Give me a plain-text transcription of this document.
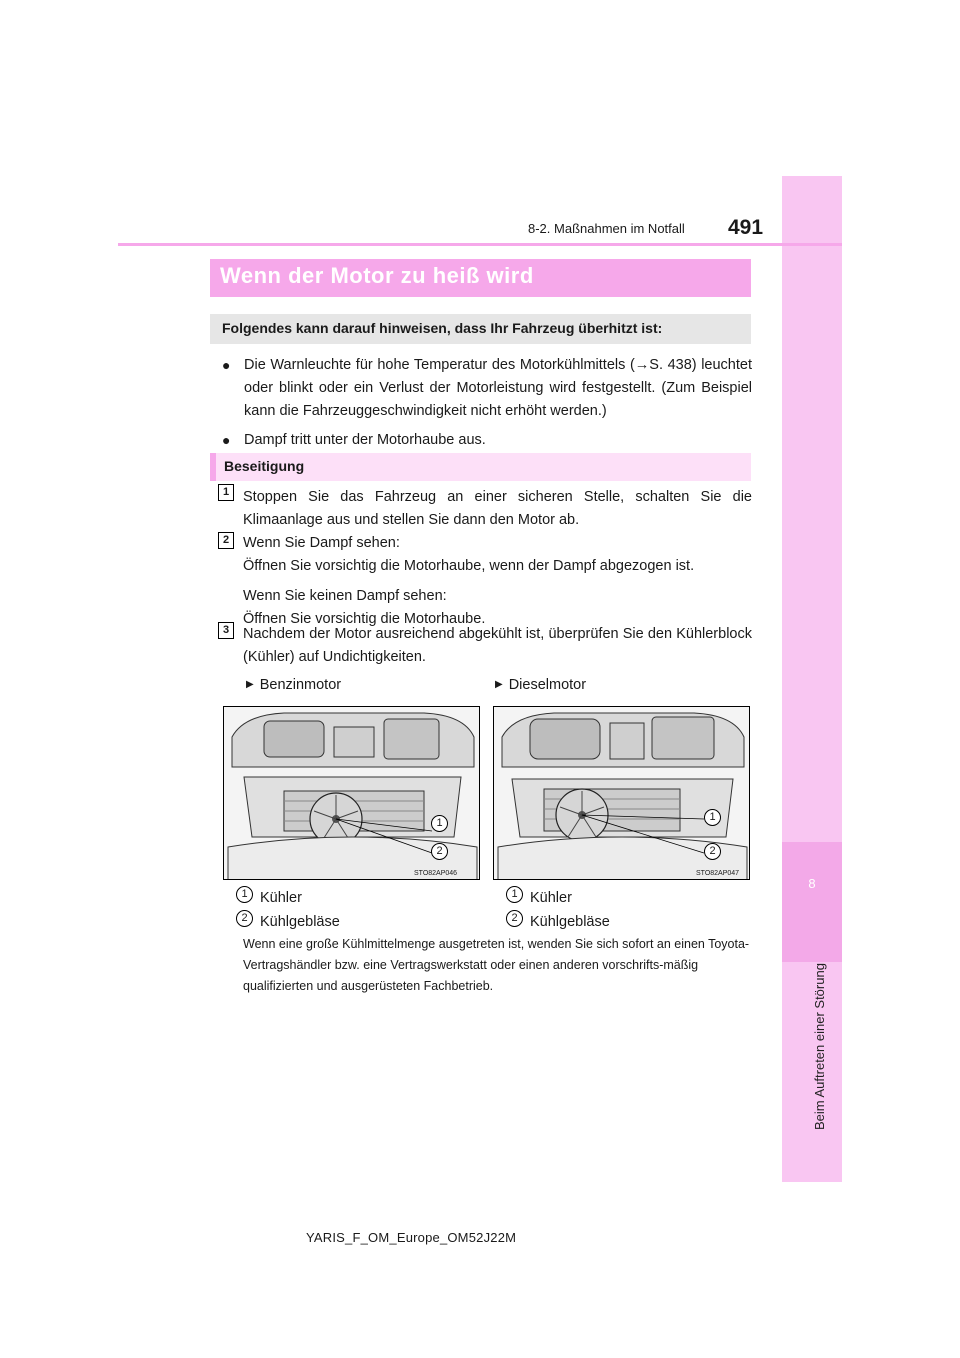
8
Beim Auftreten einer Störung
8-2. Maßnahmen im Notfall 491
Wenn der Motor zu heiß wird
Folgendes kann darauf hinweisen, dass Ihr Fahrzeug überhitzt ist:
● Die Warnleuchte für hohe Temperatur des Motorkühlmittels (→S. 438) leuchtet oder blinkt oder ein Verlust der Motorleistung wird festgestellt. (Zum Beispiel kann die Fahrzeuggeschwindigkeit nicht erhöht werden.)
● Dampf tritt unter der Motorhaube aus.
Beseitigung
1 Stoppen Sie das Fahrzeug an einer sicheren Stelle, schalten Sie die Klimaanlage aus und stellen Sie dann den Motor ab.
2 Wenn Sie Dampf sehen:
Öffnen Sie vorsichtig die Motorhaube, wenn der Dampf abgezogen ist.
Wenn Sie keinen Dampf sehen:
Öffnen Sie vorsichtig die Motorhaube.
3 Nachdem der Motor ausreichend abgekühlt ist, überprüfen Sie den Kühlerblock (Kühler) auf Undichtigkeiten.
▶ Benzinmotor	▶ Dieselmotor
1
2
STO82AP046
1
2
STO82AP047
1 Kühler
2 Kühlgebläse
1 Kühler
2 Kühlgebläse
Wenn eine große Kühlmittelmenge ausgetreten ist, wenden Sie sich sofort an einen Toyota-Vertragshändler bzw. eine Vertragswerkstatt oder einen anderen vorschrifts-mäßig qualifizierten und ausgerüsteten Fachbetrieb.
YARIS_F_OM_Europe_OM52J22M
